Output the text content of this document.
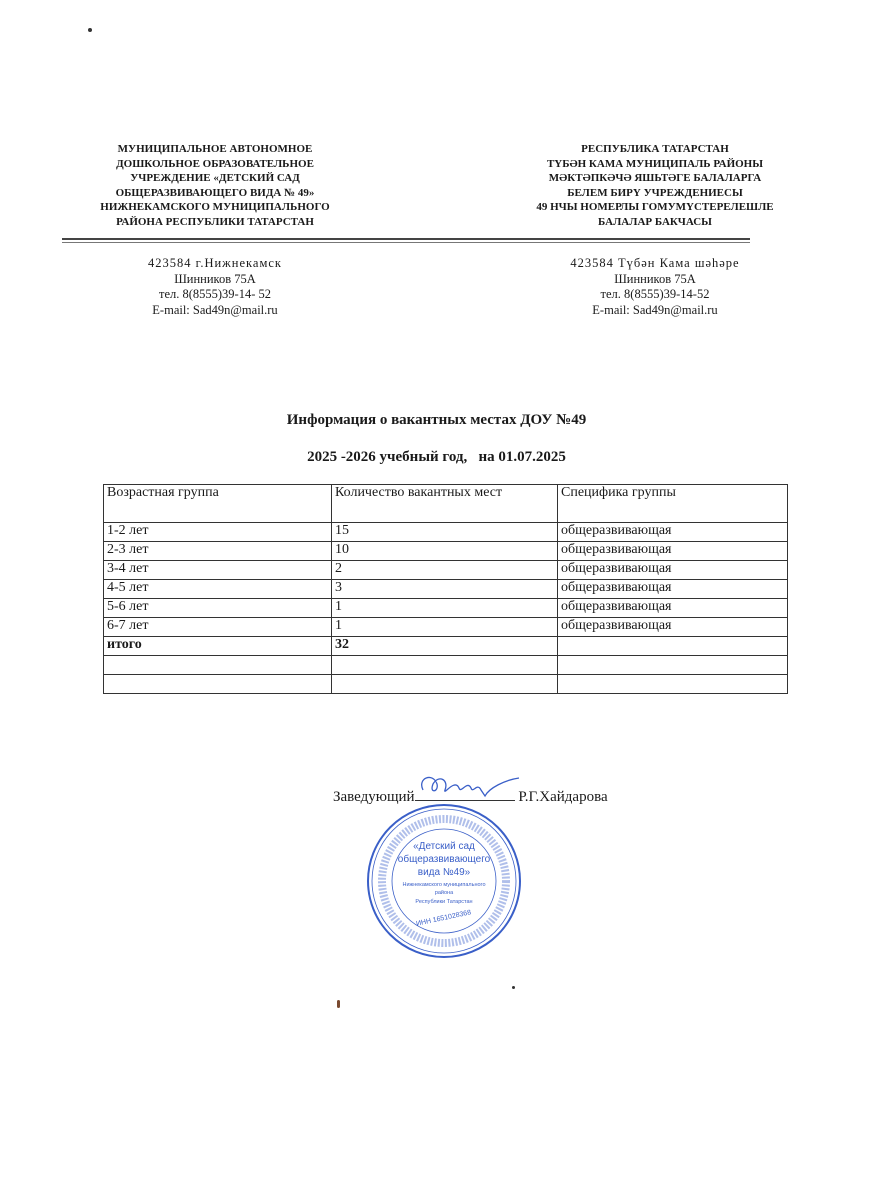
МУНИЦИПАЛЬНОЕ АВТОНОМНОЕ
ДОШКОЛЬНОЕ ОБРАЗОВАТЕЛЬНОЕ
УЧРЕЖДЕНИЕ «ДЕТСКИЙ САД
ОБЩЕРАЗВИВАЮЩЕГО ВИДА № 49»
НИЖНЕКАМСКОГО МУНИЦИПАЛЬНОГО
РАЙОНА РЕСПУБЛИКИ ТАТАРСТАН
РЕСПУБЛИКА ТАТАРСТАН
ТҮБӘН КАМА МУНИЦИПАЛЬ РАЙОНЫ
МӘКТӘПКӘЧӘ ЯШЬТӘГЕ БАЛАЛАРГА
БЕЛЕМ БИРҮ УЧРЕЖДЕНИЕСЫ
49 НЧЫ НОМЕРЛЫ ГОМУМҮСТЕРЕЛЕШЛЕ
БАЛАЛАР БАКЧАСЫ
423584 г.Нижнекамск
Шинников 75А
тел. 8(8555)39-14- 52
E-mail: Sad49n@mail.ru
423584 Түбән Кама шәһәре
Шинников 75А
тел. 8(8555)39-14-52
E-mail: Sad49n@mail.ru
Информация о вакантных местах ДОУ №49
2025 -2026 учебный год,   на 01.07.2025
Возрастная группа	Количество вакантных мест	Специфика группы
1-2 лет	15	общеразвивающая
2-3 лет	10	общеразвивающая
3-4 лет	2	общеразвивающая
4-5 лет	3	общеразвивающая
5-6 лет	1	общеразвивающая
6-7 лет	1	общеразвивающая
итого	32	

Заведующий	Р.Г.Хайдарова
«Детский сад
общеразвивающего
вида №49»
Нижнекамского муниципального
района
Республики Татарстан
ИНН 1651028368
